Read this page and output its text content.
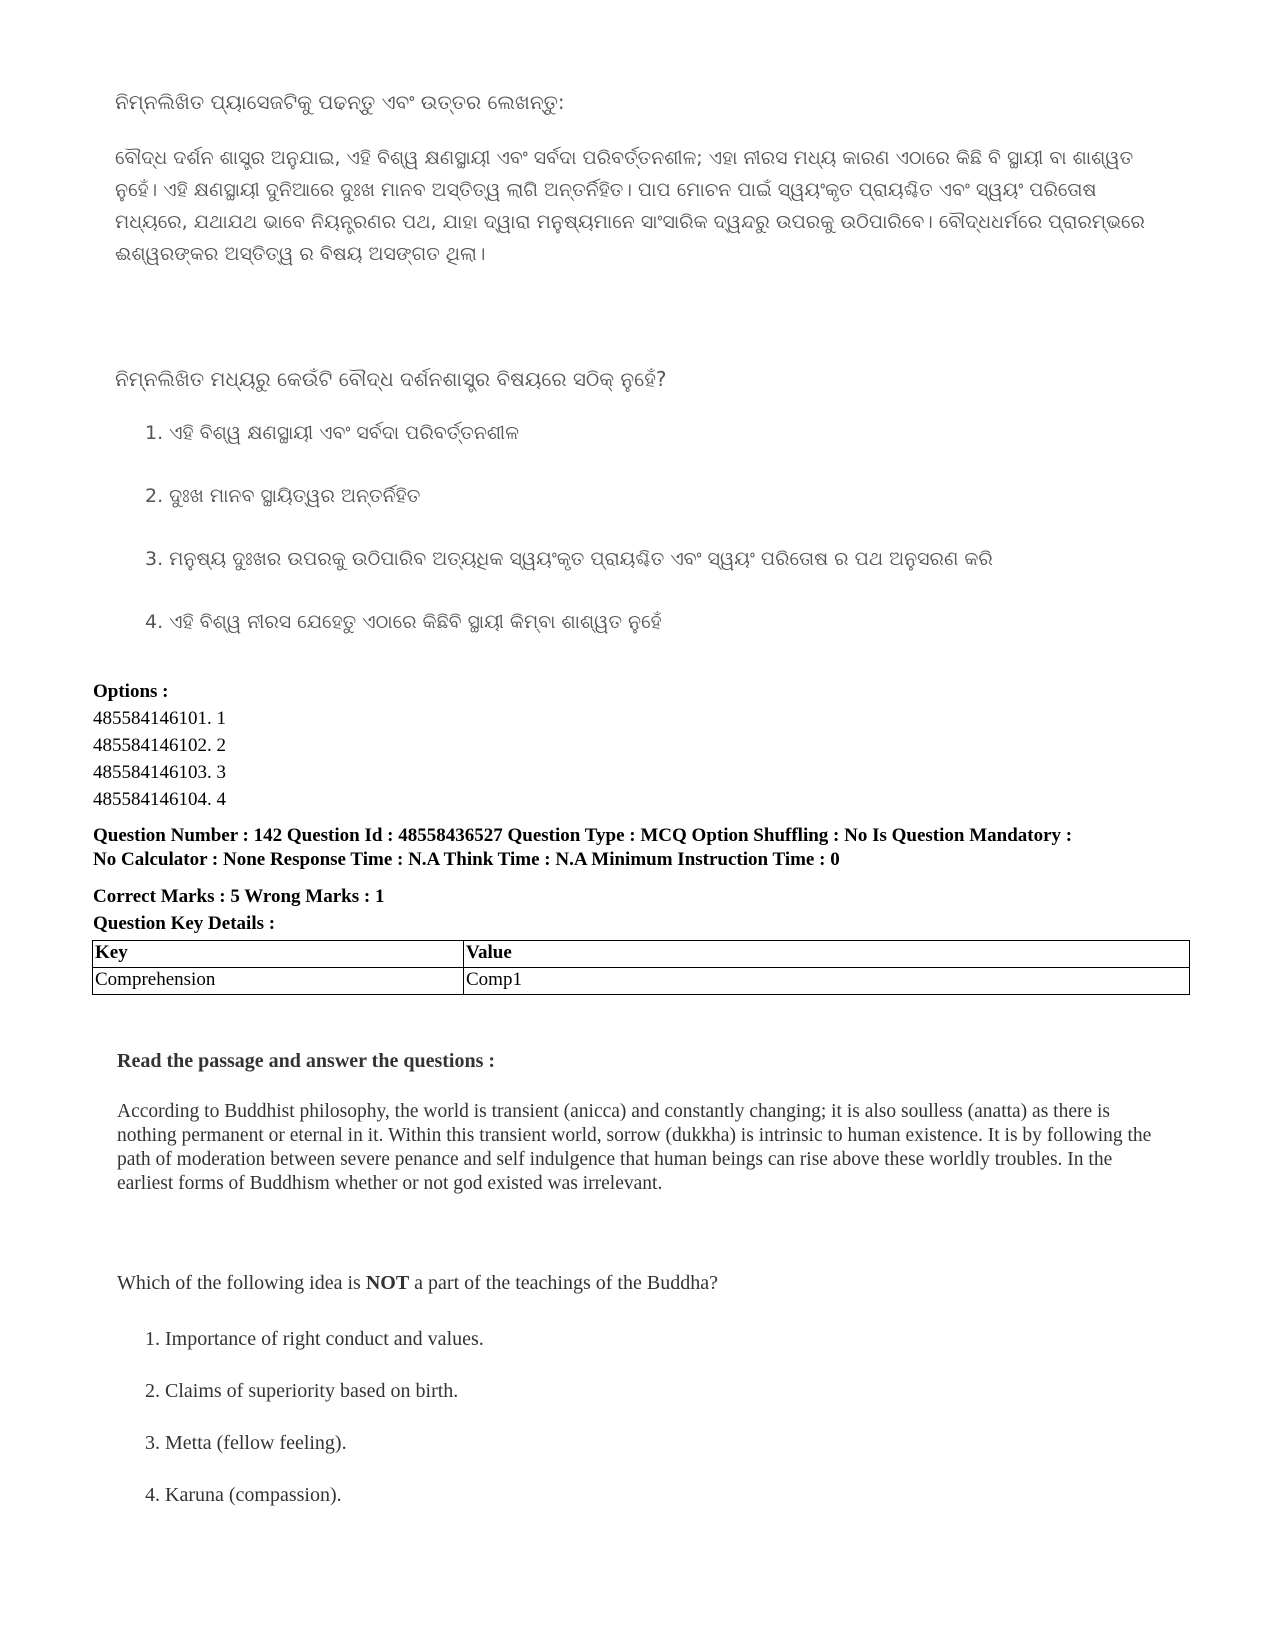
ନିମ୍ନଲିଖିତ ପ୍ୟାସେଜଟିକୁ ପଢନ୍ତୁ ଏବଂ ଉତ୍ତର ଲେଖନ୍ତୁ:
ବୌଦ୍ଧ ଦର୍ଶନ ଶାସ୍ତ୍ର ଅନୁଯାଇ, ଏହି ବିଶ୍ୱ କ୍ଷଣସ୍ଥାୟୀ ଏବଂ ସର୍ବଦା ପରିବର୍ତ୍ତନଶୀଳ; ଏହା ନୀରସ ମଧ୍ୟ କାରଣ ଏଠାରେ କିଛି ବି ସ୍ଥାୟୀ ବା ଶାଶ୍ୱତ ନୁହେଁ। ଏହି କ୍ଷଣସ୍ଥାୟୀ ଦୁନିଆରେ ଦୁଃଖ ମାନବ ଅସ୍ତିତ୍ୱ ଲାଗି ଅନ୍ତର୍ନିହିତ। ପାପ ମୋଚନ ପାଇଁ ସ୍ୱୟଂକୃତ ପ୍ରାୟଶ୍ଚିତ ଏବଂ ସ୍ୱୟଂ ପରିତୋଷ ମଧ୍ୟରେ, ଯଥାଯଥ ଭାବେ ନିୟନ୍ତ୍ରଣର ପଥ, ଯାହା ଦ୍ୱାରା ମନୁଷ୍ୟମାନେ ସାଂସାରିକ ଦ୍ୱନ୍ଦରୁ ଉପରକୁ ଉଠିପାରିବେ। ବୌଦ୍ଧଧର୍ମରେ ପ୍ରାରମ୍ଭରେ ଈଶ୍ୱରଙ୍କର ଅସ୍ତିତ୍ୱ ର ବିଷୟ ଅସଙ୍ଗତ ଥିଲା।
ନିମ୍ନଲିଖିତ ମଧ୍ୟରୁ କେଉଁଟି ବୌଦ୍ଧ ଦର୍ଶନଶାସ୍ତ୍ର ବିଷୟରେ ସଠିକ୍ ନୁହେଁ?
1. ଏହି ବିଶ୍ୱ କ୍ଷଣସ୍ଥାୟୀ ଏବଂ ସର୍ବଦା ପରିବର୍ତ୍ତନଶୀଳ
2. ଦୁଃଖ ମାନବ ସ୍ଥାୟିତ୍ୱର ଅନ୍ତର୍ନିହିତ
3. ମନୁଷ୍ୟ ଦୁଃଖର ଉପରକୁ ଉଠିପାରିବ ଅତ୍ୟଧିକ ସ୍ୱୟଂକୃତ ପ୍ରାୟଶ୍ଚିତ ଏବଂ ସ୍ୱୟଂ ପରିତୋଷ ର ପଥ ଅନୁସରଣ କରି
4. ଏହି ବିଶ୍ୱ ନୀରସ ଯେହେତୁ ଏଠାରେ କିଛିବି ସ୍ଥାୟୀ କିମ୍ବା ଶାଶ୍ୱତ ନୁହେଁ
Options :
485584146101. 1
485584146102. 2
485584146103. 3
485584146104. 4

Question Number : 142 Question Id : 48558436527 Question Type : MCQ Option Shuffling : No Is Question Mandatory :

No Calculator : None Response Time : N.A Think Time : N.A Minimum Instruction Time : 0

Correct Marks : 5 Wrong Marks : 1
Question Key Details :
Key	Value
Comprehension	Comp1
Read the passage and answer the questions :
According to Buddhist philosophy, the world is transient (anicca) and constantly changing; it is also soulless (anatta) as there is nothing permanent or eternal in it. Within this transient world, sorrow (dukkha) is intrinsic to human existence. It is by following the path of moderation between severe penance and self indulgence that human beings can rise above these worldly troubles. In the earliest forms of Buddhism whether or not god existed was irrelevant.
Which of the following idea is NOT a part of the teachings of the Buddha?
1. Importance of right conduct and values.
2. Claims of superiority based on birth.
3. Metta (fellow feeling).
4. Karuna (compassion).
